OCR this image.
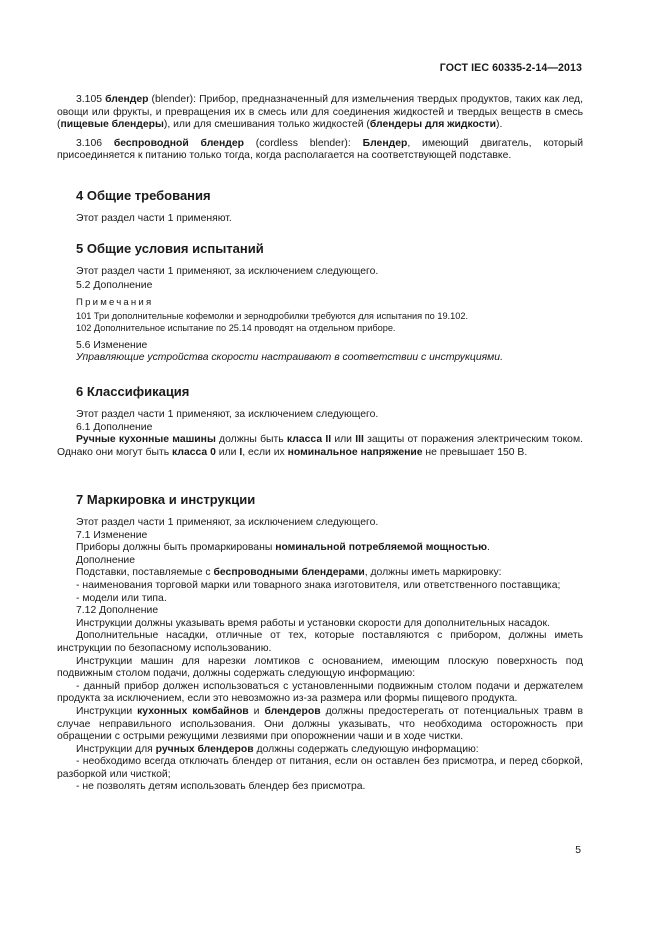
ГОСТ IEC 60335-2-14—2013

3.105 блендер (blender): Прибор, предназначенный для измельчения твердых продуктов, таких как лед, овощи или фрукты, и превращения их в смесь или для соединения жидкостей и твердых веществ в смесь (пищевые блендеры), или для смешивания только жидкостей (блендеры для жидкости).

3.106 беспроводной блендер (cordless blender): Блендер, имеющий двигатель, который присоединяется к питанию только тогда, когда располагается на соответствующей подставке.

4 Общие требования

Этот раздел части 1 применяют.

5 Общие условия испытаний

Этот раздел части 1 применяют, за исключением следующего.

5.2 Дополнение

Примечания

101 Три дополнительные кофемолки и зернодробилки требуются для испытания по 19.102.

102 Дополнительное испытание по 25.14 проводят на отдельном приборе.

5.6 Изменение

Управляющие устройства скорости настраивают в соответствии с инструкциями.

6 Классификация

Этот раздел части 1 применяют, за исключением следующего.

6.1 Дополнение

Ручные кухонные машины должны быть класса II или III защиты от поражения электрическим током. Однако они могут быть класса 0 или I, если их номинальное напряжение не превышает 150 В.

7 Маркировка и инструкции

Этот раздел части 1 применяют, за исключением следующего.

7.1 Изменение

Приборы должны быть промаркированы номинальной потребляемой мощностью.

Дополнение

Подставки, поставляемые с беспроводными блендерами, должны иметь маркировку:

- наименования торговой марки или товарного знака изготовителя, или ответственного поставщика;

- модели или типа.

7.12 Дополнение

Инструкции должны указывать время работы и установки скорости для дополнительных насадок.

Дополнительные насадки, отличные от тех, которые поставляются с прибором, должны иметь инструкции по безопасному использованию.

Инструкции машин для нарезки ломтиков с основанием, имеющим плоскую поверхность под подвижным столом подачи, должны содержать следующую информацию:

- данный прибор должен использоваться с установленными подвижным столом подачи и держателем продукта за исключением, если это невозможно из-за размера или формы пищевого продукта.

Инструкции кухонных комбайнов и блендеров должны предостерегать от потенциальных травм в случае неправильного использования. Они должны указывать, что необходима осторожность при обращении с острыми режущими лезвиями при опорожнении чаши и в ходе чистки.

Инструкции для ручных блендеров должны содержать следующую информацию:

- необходимо всегда отключать блендер от питания, если он оставлен без присмотра, и перед сборкой, разборкой или чисткой;

- не позволять детям использовать блендер без присмотра.

5
